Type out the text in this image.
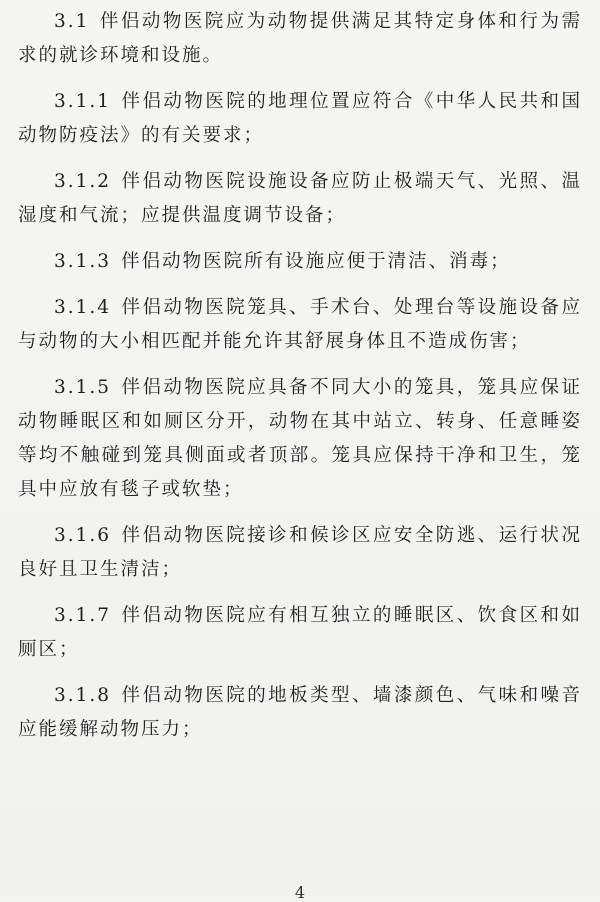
3.1 伴侣动物医院应为动物提供满足其特定身体和行为需求的就诊环境和设施。

3.1.1 伴侣动物医院的地理位置应符合《中华人民共和国动物防疫法》的有关要求；

3.1.2 伴侣动物医院设施设备应防止极端天气、光照、温湿度和气流；应提供温度调节设备；

3.1.3 伴侣动物医院所有设施应便于清洁、消毒；

3.1.4 伴侣动物医院笼具、手术台、处理台等设施设备应与动物的大小相匹配并能允许其舒展身体且不造成伤害；

3.1.5 伴侣动物医院应具备不同大小的笼具，笼具应保证动物睡眠区和如厕区分开，动物在其中站立、转身、任意睡姿等均不触碰到笼具侧面或者顶部。笼具应保持干净和卫生，笼具中应放有毯子或软垫；

3.1.6 伴侣动物医院接诊和候诊区应安全防逃、运行状况良好且卫生清洁；

3.1.7 伴侣动物医院应有相互独立的睡眠区、饮食区和如厕区；

3.1.8 伴侣动物医院的地板类型、墙漆颜色、气味和噪音应能缓解动物压力；

4
